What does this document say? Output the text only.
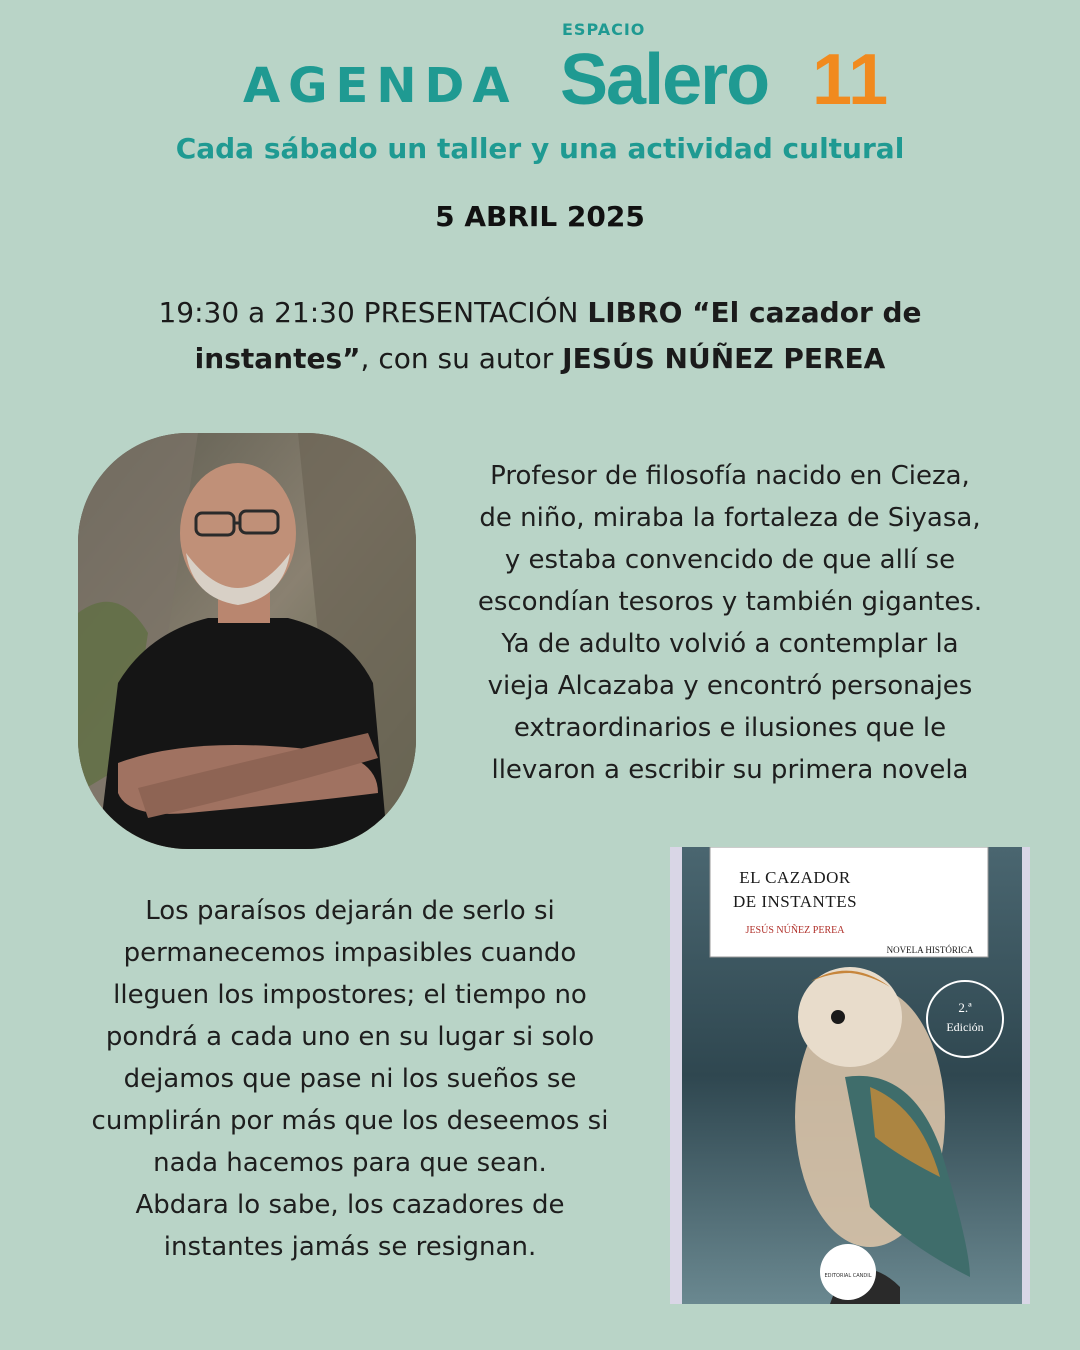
ESPACIO
AGENDA Salero 11
Cada sábado un taller y una actividad cultural
5 ABRIL 2025
19:30 a 21:30 PRESENTACIÓN LIBRO “El cazador de instantes”, con su autor JESÚS NÚÑEZ PEREA
Profesor de filosofía nacido en Cieza,
de niño, miraba la fortaleza de Siyasa,
y estaba convencido de que allí se
escondían tesoros y también gigantes.
Ya de adulto volvió a contemplar la
vieja Alcazaba y encontró personajes
extraordinarios e ilusiones que le
llevaron a escribir su primera novela
Los paraísos dejarán de serlo si
permanecemos impasibles cuando
lleguen los impostores; el tiempo no
pondrá a cada uno en su lugar si solo
dejamos que pase ni los sueños se
cumplirán por más que los deseemos si
nada hacemos para que sean.
Abdara lo sabe, los cazadores de
instantes jamás se resignan.
EL CAZADOR
DE INSTANTES
JESÚS NÚÑEZ PEREA
NOVELA HISTÓRICA
2.ª
Edición
EDITORIAL CANDIL
